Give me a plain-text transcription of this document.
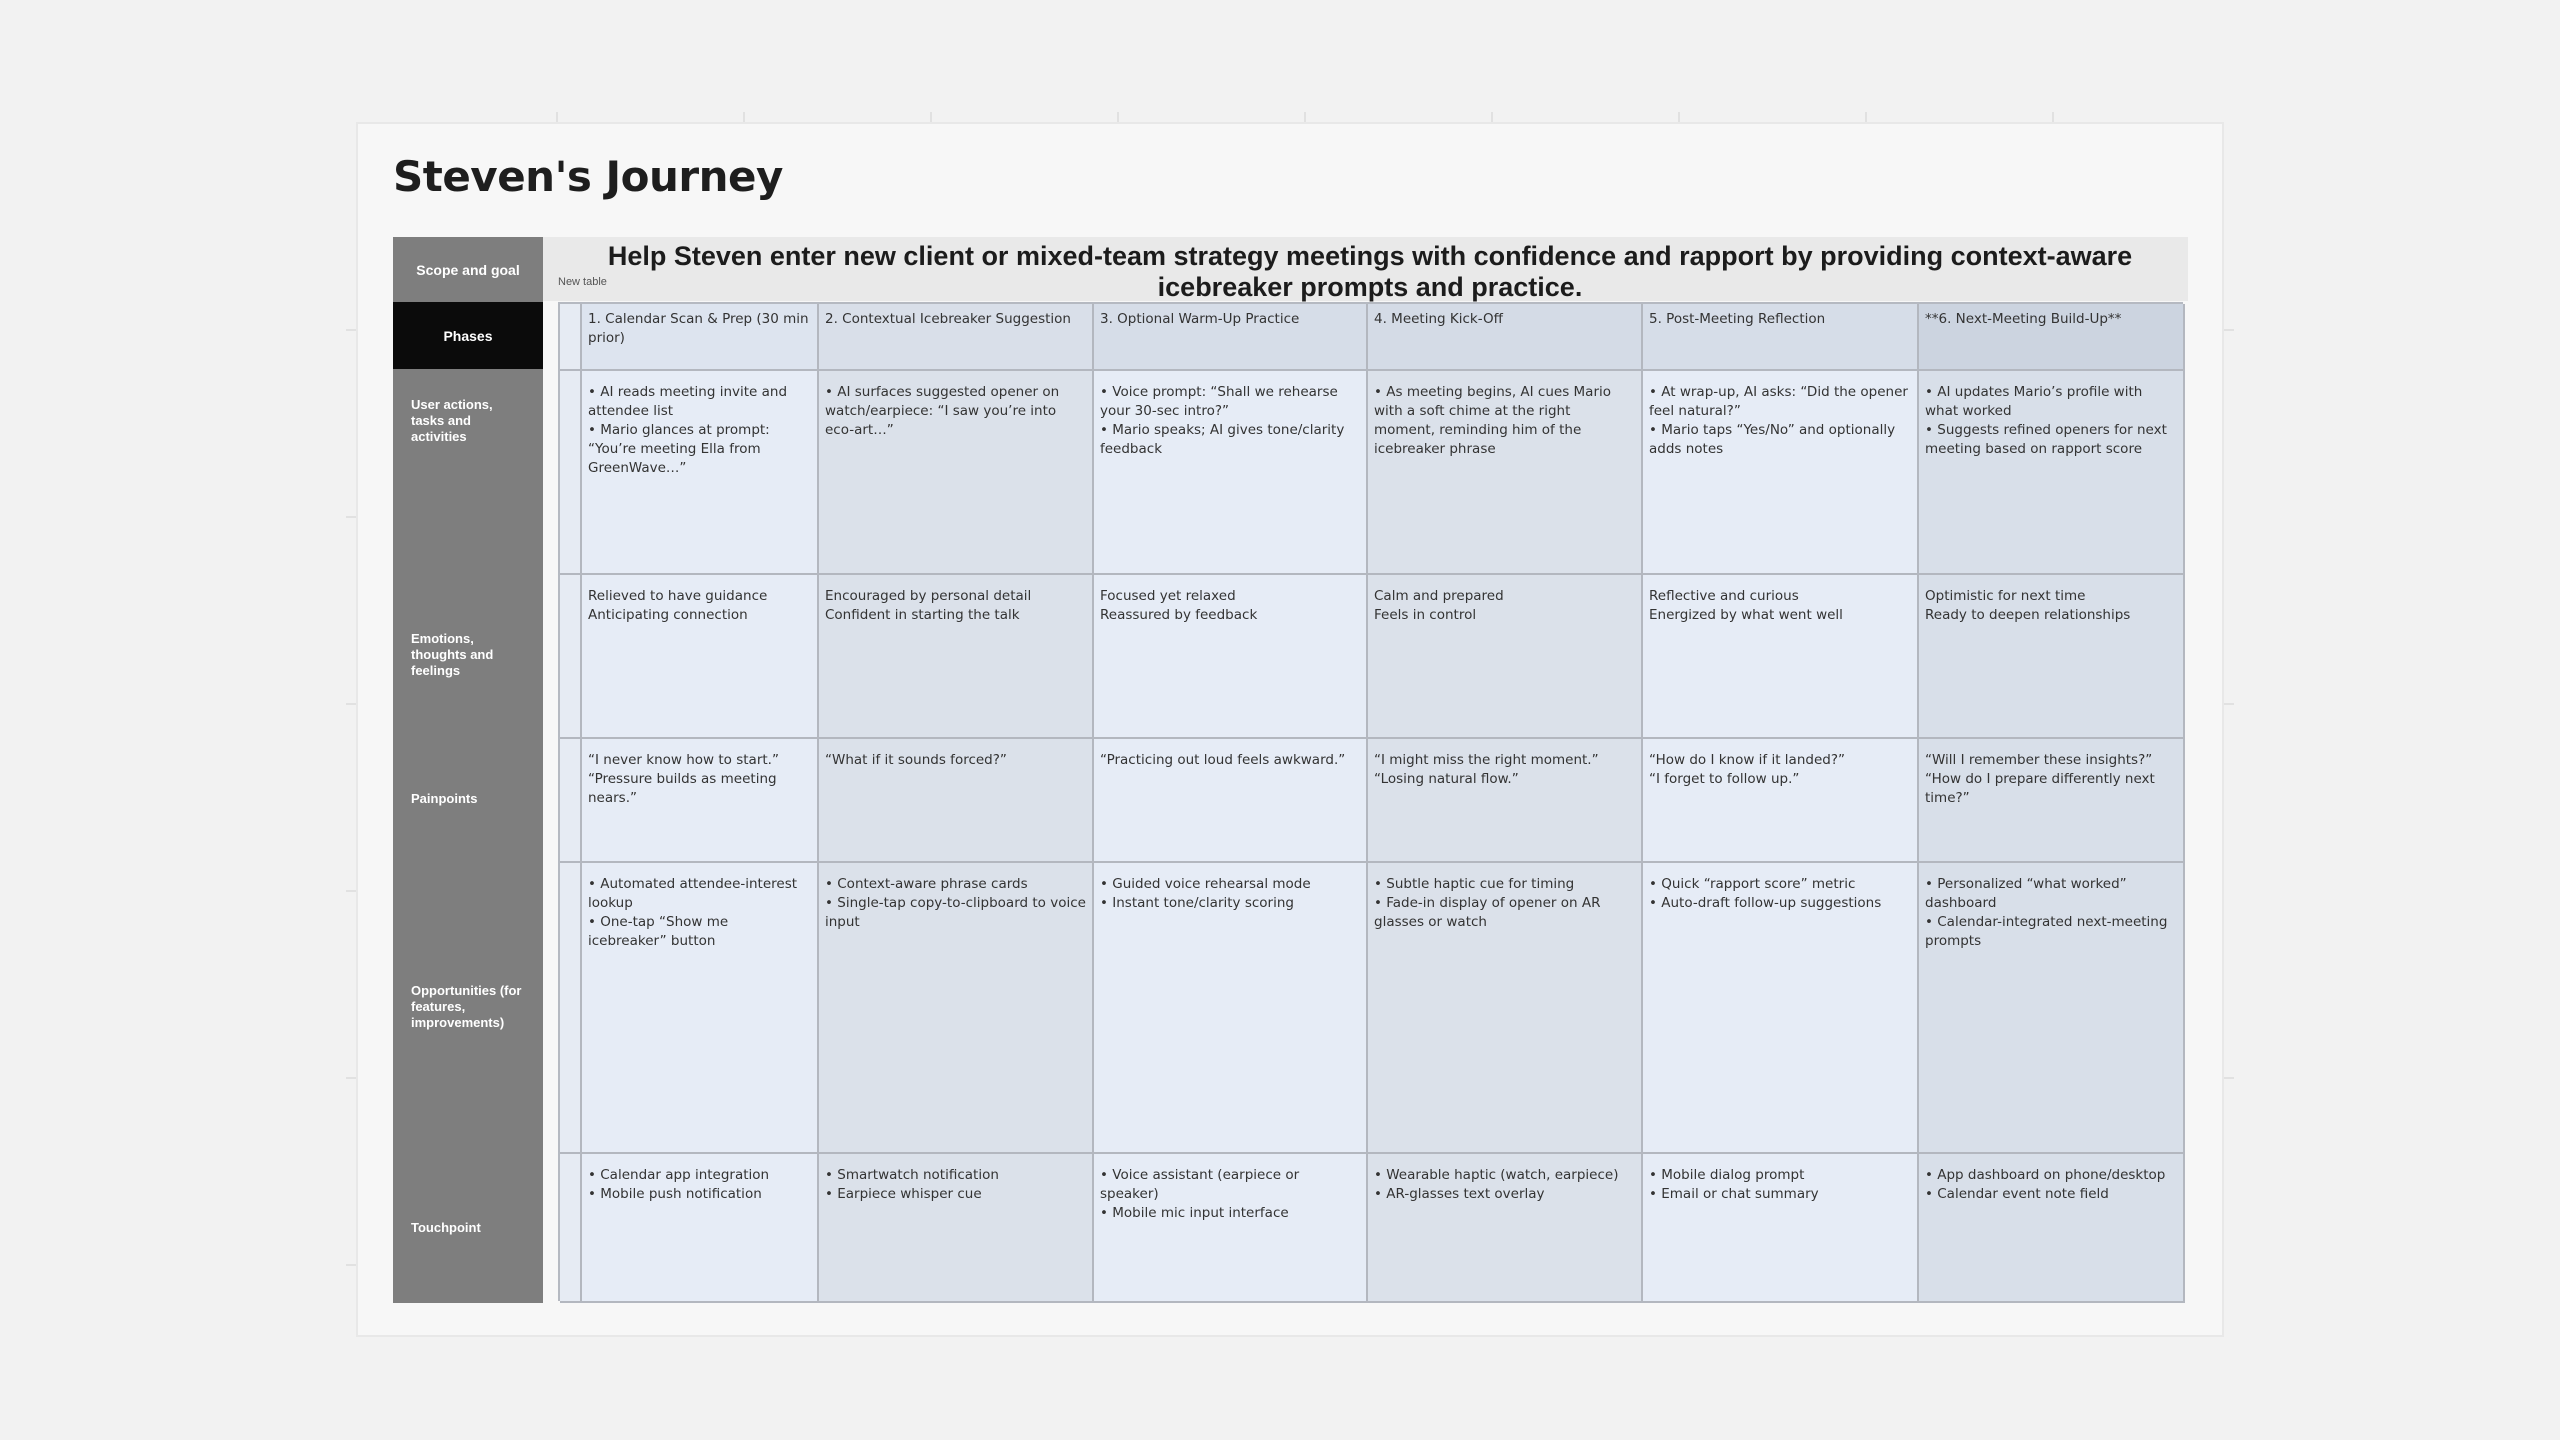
Steven's Journey
Scope and goal
Phases
User actions, tasks and activities
Emotions, thoughts and feelings
Painpoints
Opportunities (for features, improvements)
Touchpoint
Help Steven enter new client or mixed-team strategy meetings with confidence and rapport by providing context-aware icebreaker prompts and practice.
New table
1. Calendar Scan & Prep (30 min prior)
• AI reads meeting invite and attendee list
• Mario glances at prompt: “You’re meeting Ella from GreenWave…”
Relieved to have guidance
Anticipating connection
“I never know how to start.”
“Pressure builds as meeting nears.”
• Automated attendee-interest lookup
• One-tap “Show me icebreaker” button
• Calendar app integration
• Mobile push notification
2. Contextual Icebreaker Suggestion
• AI surfaces suggested opener on watch/earpiece: “I saw you’re into eco-art…”
Encouraged by personal detail
Confident in starting the talk
“What if it sounds forced?”
• Context-aware phrase cards
• Single-tap copy-to-clipboard to voice input
• Smartwatch notification
• Earpiece whisper cue
3. Optional Warm-Up Practice
• Voice prompt: “Shall we rehearse your 30-sec intro?”
• Mario speaks; AI gives tone/clarity feedback
Focused yet relaxed
Reassured by feedback
“Practicing out loud feels awkward.”
• Guided voice rehearsal mode
• Instant tone/clarity scoring
• Voice assistant (earpiece or speaker)
• Mobile mic input interface
4. Meeting Kick-Off
• As meeting begins, AI cues Mario with a soft chime at the right moment, reminding him of the icebreaker phrase
Calm and prepared
Feels in control
“I might miss the right moment.”
“Losing natural flow.”
• Subtle haptic cue for timing
• Fade-in display of opener on AR glasses or watch
• Wearable haptic (watch, earpiece)
• AR-glasses text overlay
5. Post-Meeting Reflection
• At wrap-up, AI asks: “Did the opener feel natural?”
• Mario taps “Yes/No” and optionally adds notes
Reflective and curious
Energized by what went well
“How do I know if it landed?”
“I forget to follow up.”
• Quick “rapport score” metric
• Auto-draft follow-up suggestions
• Mobile dialog prompt
• Email or chat summary
**6. Next-Meeting Build-Up**
• AI updates Mario’s profile with what worked
• Suggests refined openers for next meeting based on rapport score
Optimistic for next time
Ready to deepen relationships
“Will I remember these insights?”
“How do I prepare differently next time?”
• Personalized “what worked” dashboard
• Calendar-integrated next-meeting prompts
• App dashboard on phone/desktop
• Calendar event note field
